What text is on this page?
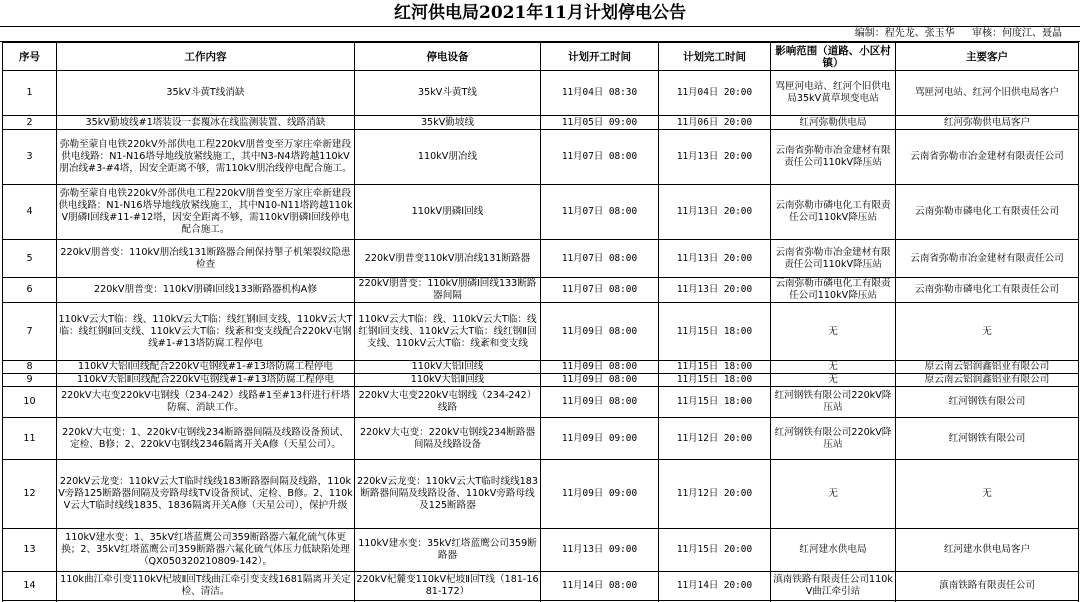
红河供电局2021年11月计划停电公告
编制：程先龙、张玉华 审核：何度江、聂晶
序号	工作内容	停电设备	计划开工时间	计划完工时间	影响范围（道路、小区村镇）	主要客户
1	35kV斗黄T线消缺	35kV斗黄T线	11月04日 08:30	11月04日 20:00	骂匣河电站、红河个旧供电局35kV黄草坝变电站	骂匣河电站、红河个旧供电局客户
2	35kV勤坡线#1塔装设一套覆冰在线监测装置、线路消缺	35kV勤坡线	11月05日 09:00	11月06日 20:00	红河弥勒供电局	红河弥勒供电局客户
3	弥勒至蒙自电铁220kV外部供电工程220kV朋普变至万家庄牵新建段供电线路：N1-N16塔导地线放紧线施工，其中N3-N4塔跨越110kV朋冶线#3-#4塔，因安全距离不够，需110kV朋冶线停电配合施工。	110kV朋冶线	11月07日 08:00	11月13日 20:00	云南省弥勒市冶金建材有限责任公司110kV降压站	云南省弥勒市冶金建材有限责任公司
4	弥勒至蒙自电铁220kV外部供电工程220kV朋普变至万家庄牵新建段供电线路：N1-N16塔导地线放紧线施工，其中N10-N11塔跨越110kV朋磷Ⅰ回线#11-#12塔，因安全距离不够，需110kV朋磷Ⅰ回线停电配合施工。	110kV朋磷Ⅰ回线	11月07日 08:00	11月13日 20:00	云南弥勒市磷电化工有限责任公司110kV降压站	云南弥勒市磷电化工有限责任公司
5	220kV朋普变：110kV朋冶线131断路器合闸保持掣子机架裂纹隐患检查	220kV朋普变110kV朋冶线131断路器	11月07日 08:00	11月13日 20:00	云南省弥勒市冶金建材有限责任公司110kV降压站	云南省弥勒市冶金建材有限责任公司
6	220kV朋普变：110kV朋磷Ⅰ回线133断路器机构A修	220kV朋普变：110kV朋磷Ⅰ回线133断路器间隔	11月07日 08:00	11月13日 20:00	云南弥勒市磷电化工有限责任公司110kV降压站	云南弥勒市磷电化工有限责任公司
7	110kV云大T临：线、110kV云大T临：线红钢Ⅰ回支线、110kV云大T临：线红钢Ⅱ回支线、110kV云大T临：线紊和变支线配合220kV屯钢线#1-#13塔防腐工程停电	110kV云大T临：线、110kV云大T临：线红钢Ⅰ回支线、110kV云大T临：线红钢Ⅱ回支线、110kV云大T临：线紊和变支线	11月09日 08:00	11月15日 18:00	无	无
8	110kV大铝Ⅰ回线配合220kV屯钢线#1-#13塔防腐工程停电	110kV大铝Ⅰ回线	11月09日 08:00	11月15日 18:00	无	原云南云铝润鑫铝业有限公司
9	110kV大铝Ⅱ回线配合220kV屯钢线#1-#13塔防腐工程停电	110kV大铝Ⅱ回线	11月09日 08:00	11月15日 18:00	无	原云南云铝润鑫铝业有限公司
10	220kV大屯变220kV屯钢线（234-242）线路#1至#13杆进行杆塔防腐、消缺工作。	220kV大屯变220kV屯钢线（234-242）线路	11月09日 08:00	11月15日 18:00	红河钢铁有限公司220kV降压站	红河钢铁有限公司
11	220kV大屯变：1、220kV屯钢线234断路器间隔及线路设备预试、定检、B修；2、220kV屯钢线2346隔离开关A修（天星公司）。	220kV大屯变：220kV屯钢线234断路器间隔及线路设备	11月09日 09:00	11月12日 20:00	红河钢铁有限公司220kV降压站	红河钢铁有限公司
12	220kV云龙变：110kV云大T临时线线183断路器间隔及线路，110kV旁路125断路器间隔及旁路母线TV设备预试、定检、B修。2、110kV云大T临时线线1835、1836隔离开关A修（天星公司），保护升级	220kV云龙变：110kV云大T临时线线183断路器间隔及线路设备、110kV旁路母线及125断路器	11月09日 09:00	11月12日 20:00	无	无
13	110kV建水变：1、35kV红塔蓝鹰公司359断路器六氟化硫气体更换；2、35kV红塔蓝鹰公司359断路器六氟化硫气体压力低缺陷处理（QX050320210809-142）。	110kV建水变：35kV红塔蓝鹰公司359断路器	11月13日 09:00	11月15日 20:00	红河建水供电局	红河建水供电局客户
14	110k曲江牵引变110kV杞坡Ⅱ回T线曲江牵引变支线1681隔离开关定检、清洁。	220kV杞麓变110kV杞坡Ⅱ回T线（181-1681-172）	11月14日 08:00	11月14日 20:00	滇南铁路有限责任公司110kV曲江牵引站	滇南铁路有限责任公司
